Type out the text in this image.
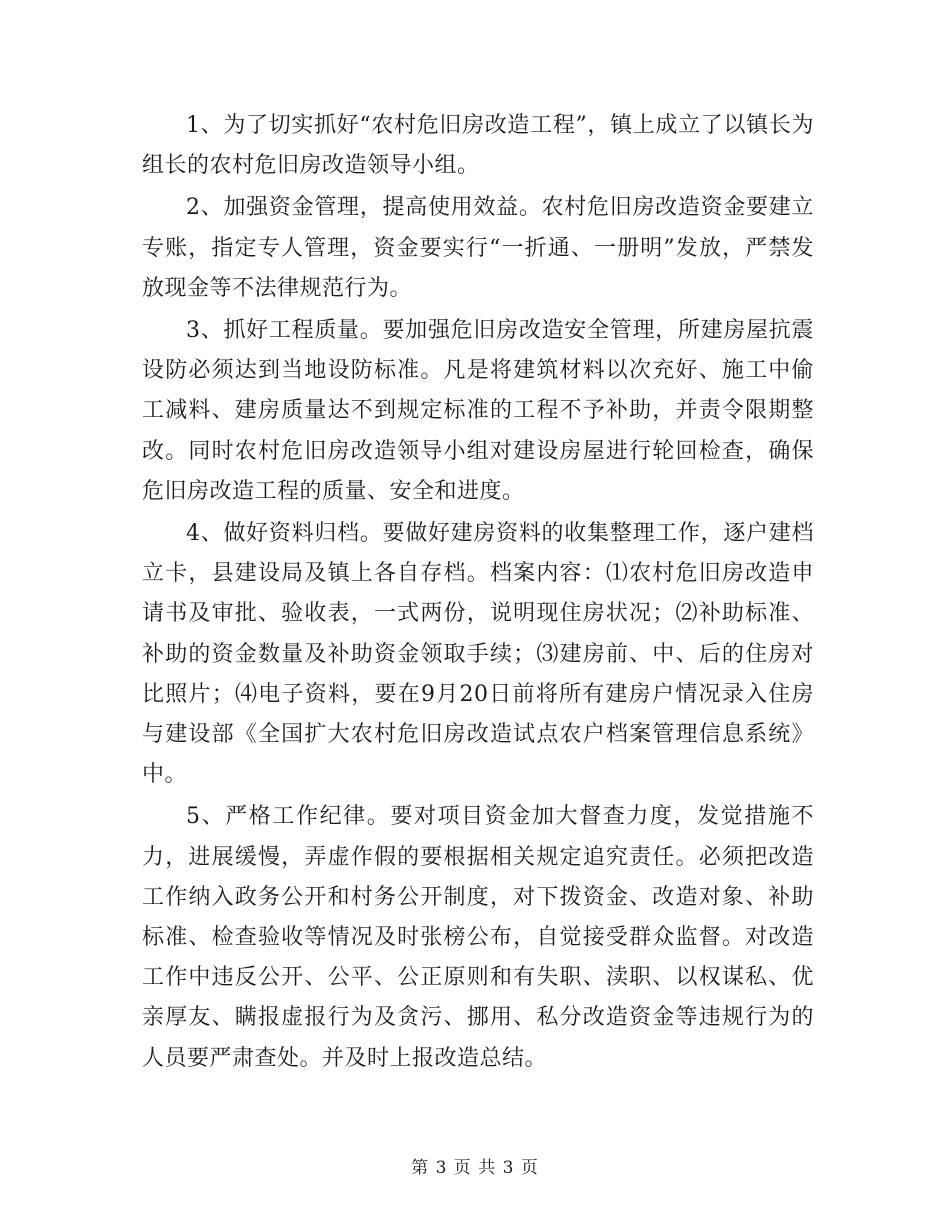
1、为了切实抓好“农村危旧房改造工程”，镇上成立了以镇长为组长的农村危旧房改造领导小组。

2、加强资金管理，提高使用效益。农村危旧房改造资金要建立专账，指定专人管理，资金要实行“一折通、一册明”发放，严禁发放现金等不法律规范行为。

3、抓好工程质量。要加强危旧房改造安全管理，所建房屋抗震设防必须达到当地设防标准。凡是将建筑材料以次充好、施工中偷工减料、建房质量达不到规定标准的工程不予补助，并责令限期整改。同时农村危旧房改造领导小组对建设房屋进行轮回检查，确保危旧房改造工程的质量、安全和进度。

4、做好资料归档。要做好建房资料的收集整理工作，逐户建档立卡，县建设局及镇上各自存档。档案内容：⑴农村危旧房改造申请书及审批、验收表，一式两份，说明现住房状况；⑵补助标准、补助的资金数量及补助资金领取手续；⑶建房前、中、后的住房对比照片；⑷电子资料，要在9月20日前将所有建房户情况录入住房与建设部《全国扩大农村危旧房改造试点农户档案管理信息系统》中。

5、严格工作纪律。要对项目资金加大督查力度，发觉措施不力，进展缓慢，弄虚作假的要根据相关规定追究责任。必须把改造工作纳入政务公开和村务公开制度，对下拨资金、改造对象、补助标准、检查验收等情况及时张榜公布，自觉接受群众监督。对改造工作中违反公开、公平、公正原则和有失职、渎职、以权谋私、优亲厚友、瞒报虚报行为及贪污、挪用、私分改造资金等违规行为的人员要严肃查处。并及时上报改造总结。

第 3 页 共 3 页
